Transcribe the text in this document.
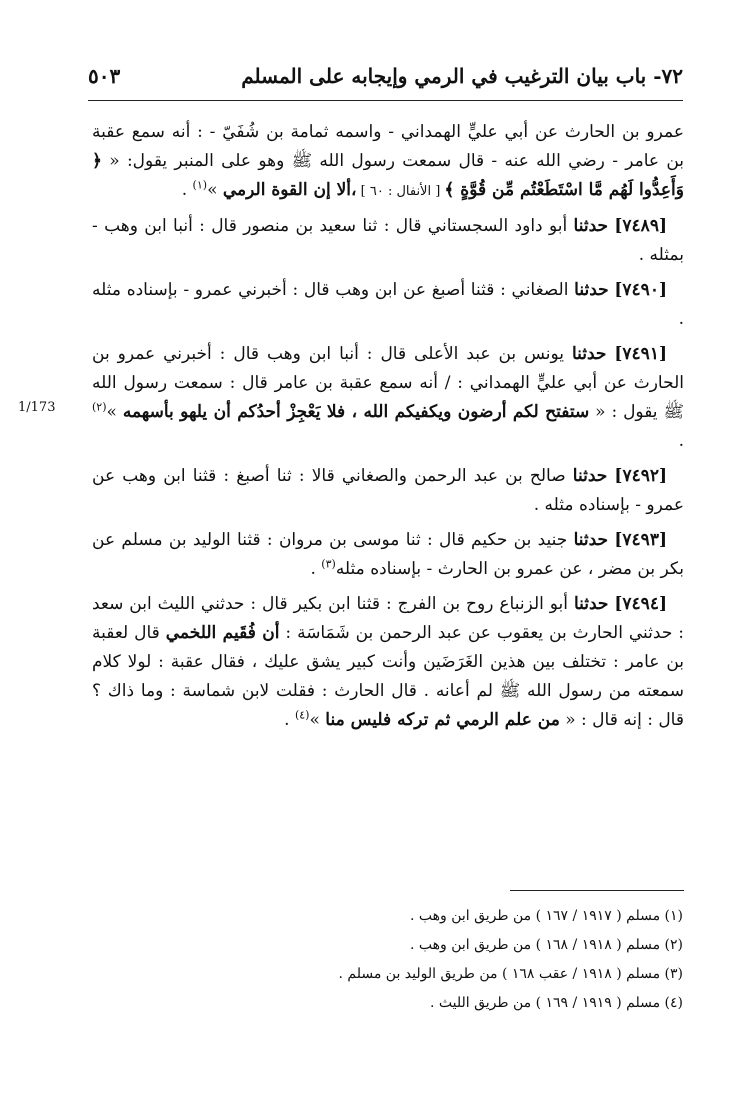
٧٢- باب بيان الترغيب في الرمي وإيجابه على المسلم
٥٠٣
1/173

عمرو بن الحارث عن أبي عليٍّ الهمداني - واسمه ثمامة بن شُفَيّ - : أنه سمع عقبة بن عامر - رضي الله عنه - قال سمعت رسول الله ﷺ وهو على المنبر يقول: « ﴿ وَأَعِدُّوا لَهُم مَّا اسْتَطَعْتُم مِّن قُوَّةٍ ﴾ [ الأنفال : ٦٠ ] ،ألا إن القوة الرمي »$^{(١)}$ .

 [٧٤٨٩] حدثنا أبو داود السجستاني قال : ثنا سعيد بن منصور قال : أنبا ابن وهب - بمثله .

 [٧٤٩٠] حدثنا الصغاني : قثنا أصبغ عن ابن وهب قال : أخبرني عمرو - بإسناده مثله .

 [٧٤٩١] حدثنا يونس بن عبد الأعلى قال : أنبا ابن وهب قال : أخبرني عمرو بن الحارث عن أبي عليٍّ الهمداني : / أنه سمع عقبة بن عامر قال : سمعت رسول الله ﷺ يقول : « ستفتح لكم أرضون ويكفيكم الله ، فلا يَعْجِزْ أحدُكم أن يلهو بأسهمه »$^{(٢)}$ .

 [٧٤٩٢] حدثنا صالح بن عبد الرحمن والصغاني قالا : ثنا أصبغ : قثنا ابن وهب عن عمرو - بإسناده مثله .

 [٧٤٩٣] حدثنا جنيد بن حكيم قال : ثنا موسى بن مروان : قثنا الوليد بن مسلم عن بكر بن مضر ، عن عمرو بن الحارث - بإسناده مثله$^{(٣)}$ .

 [٧٤٩٤] حدثنا أبو الزنباع روح بن الفرج : قثنا ابن بكير قال : حدثني الليث ابن سعد : حدثني الحارث بن يعقوب عن عبد الرحمن بن شَمَاسَة : أن فُقَيم اللخمي قال لعقبة بن عامر : تختلف بين هذين الغَرَضَين وأنت كبير يشق عليك ، فقال عقبة : لولا كلام سمعته من رسول الله ﷺ لم أعانه . قال الحارث : فقلت لابن شماسة : وما ذاك ؟ قال : إنه قال : « من علم الرمي ثم تركه فليس منا »$^{(٤)}$ .

(١) مسلم ( ١٩١٧ / ١٦٧ ) من طريق ابن وهب .

(٢) مسلم ( ١٩١٨ / ١٦٨ ) من طريق ابن وهب .

(٣) مسلم ( ١٩١٨ / عقب ١٦٨ ) من طريق الوليد بن مسلم .

(٤) مسلم ( ١٩١٩ / ١٦٩ ) من طريق الليث .
